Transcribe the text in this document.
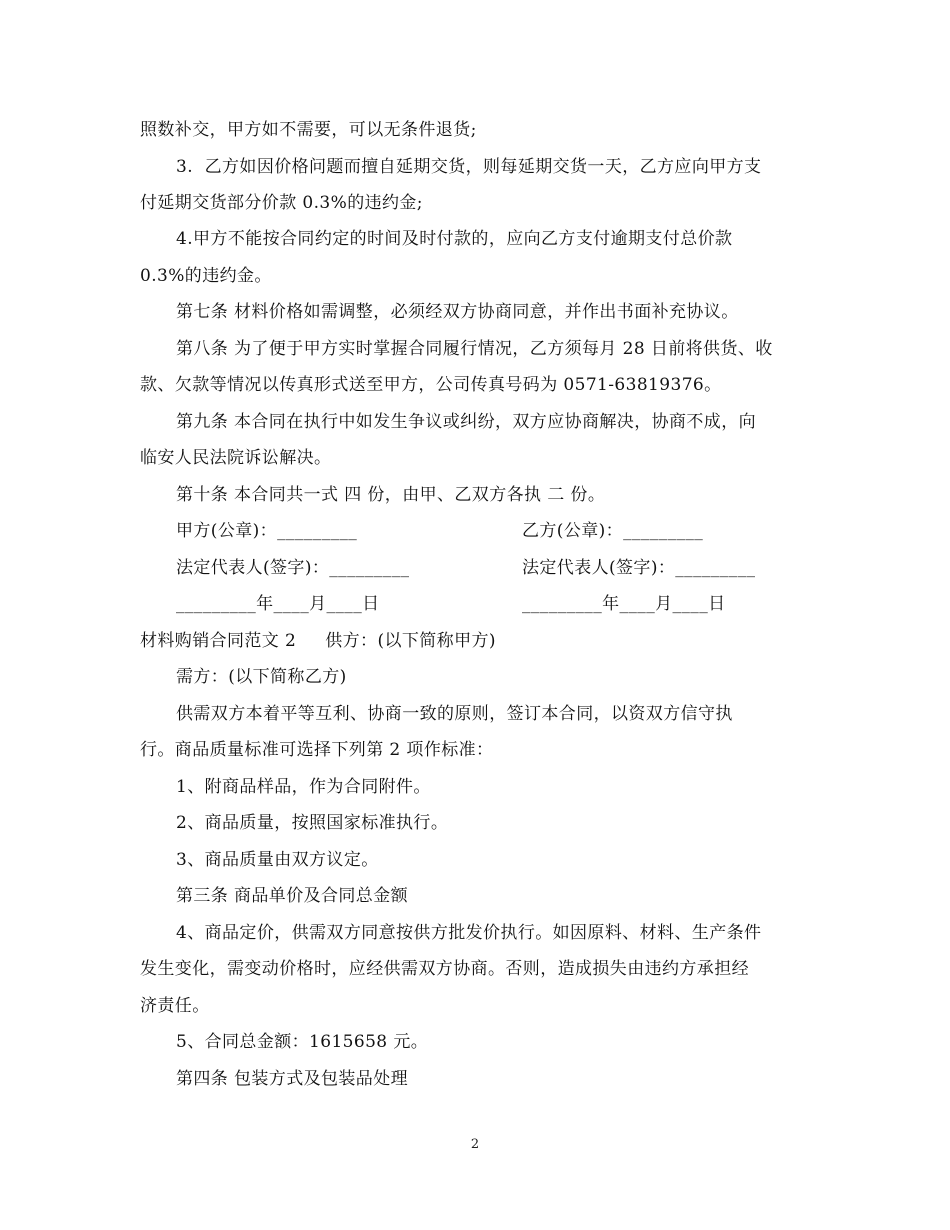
照数补交，甲方如不需要，可以无条件退货;
3.  乙方如因价格问题而擅自延期交货，则每延期交货一天，乙方应向甲方支
付延期交货部分价款 0.3%的违约金;
4.甲方不能按合同约定的时间及时付款的，应向乙方支付逾期支付总价款
0.3%的违约金。
第七条 材料价格如需调整，必须经双方协商同意，并作出书面补充协议。
第八条 为了便于甲方实时掌握合同履行情况，乙方须每月 28 日前将供货、收
款、欠款等情况以传真形式送至甲方，公司传真号码为 0571-63819376。
第九条 本合同在执行中如发生争议或纠纷，双方应协商解决，协商不成，向
临安人民法院诉讼解决。
第十条 本合同共一式 四 份，由甲、乙双方各执 二 份。
甲方(公章)：_________	乙方(公章)：_________
法定代表人(签字)：_________	法定代表人(签字)：_________
_________年____月____日	_________年____月____日
材料购销合同范文 2     供方：(以下简称甲方)
需方：(以下简称乙方)
供需双方本着平等互利、协商一致的原则，签订本合同，以资双方信守执
行。商品质量标准可选择下列第 2 项作标准：
1、附商品样品，作为合同附件。
2、商品质量，按照国家标准执行。
3、商品质量由双方议定。
第三条 商品单价及合同总金额
4、商品定价，供需双方同意按供方批发价执行。如因原料、材料、生产条件
发生变化，需变动价格时，应经供需双方协商。否则，造成损失由违约方承担经
济责任。
5、合同总金额：1615658 元。
第四条 包装方式及包装品处理
2
